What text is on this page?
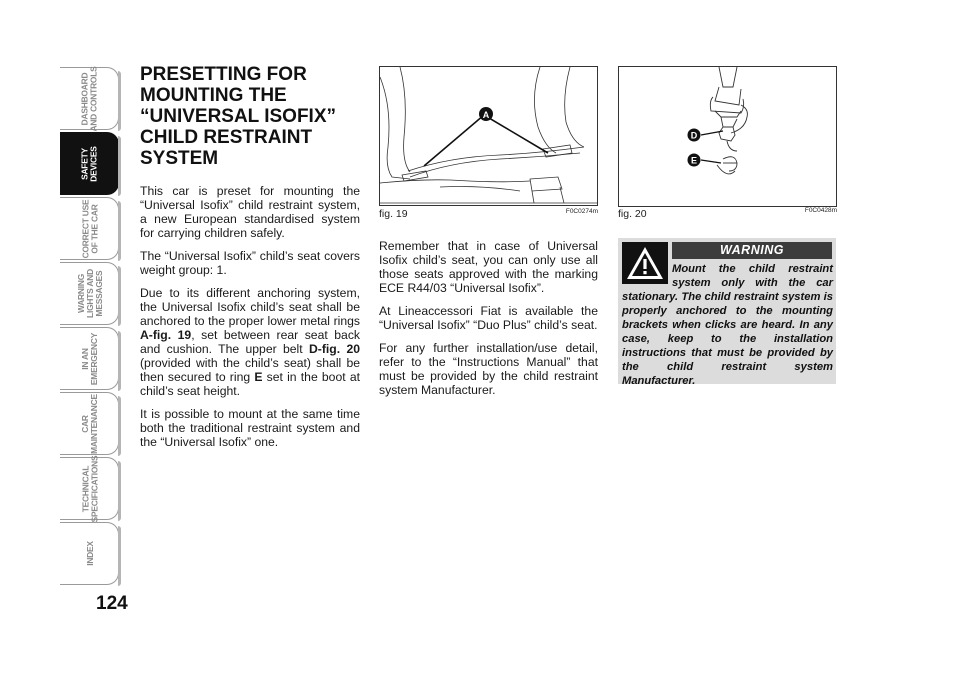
DASHBOARD
AND CONTROLS
SAFETY
DEVICES
CORRECT USE
OF THE CAR
WARNING
LIGHTS AND
MESSAGES
IN AN
EMERGENCY
CAR
MAINTENANCE
TECHNICAL
SPECIFICATIONS
INDEX
124
PRESETTING FOR MOUNTING THE “UNIVERSAL ISOFIX” CHILD RESTRAINT SYSTEM

This car is preset for mounting the “Universal Isofix” child restraint system, a new European standardised system for carrying children safely.

The “Universal Isofix” child’s seat covers weight group: 1.

Due to its different anchoring system, the Universal Isofix child’s seat shall be anchored to the proper lower metal rings A-fig. 19, set between rear seat back and cushion. The upper belt D-fig. 20 (provided with the child’s seat) shall be then secured to ring E set in the boot at child’s seat height.

It is possible to mount at the same time both the traditional restraint system and the “Universal Isofix” one.

A
fig. 19	F0C0274m
D
E
fig. 20	F0C0428m

Remember that in case of Universal Isofix child’s seat, you can only use all those seats approved with the marking ECE R44/03 “Universal Isofix”.

At Lineaccessori Fiat is available the “Universal Isofix” “Duo Plus” child’s seat.

For any further installation/use detail, refer to the “Instructions Manual” that must be provided by the child restraint system Manufacturer.

WARNING
Mount the child restraint system only with the car stationary. The child restraint system is properly anchored to the mounting brackets when clicks are heard. In any case, keep to the installation instructions that must be provided by the child restraint system Manufacturer.
